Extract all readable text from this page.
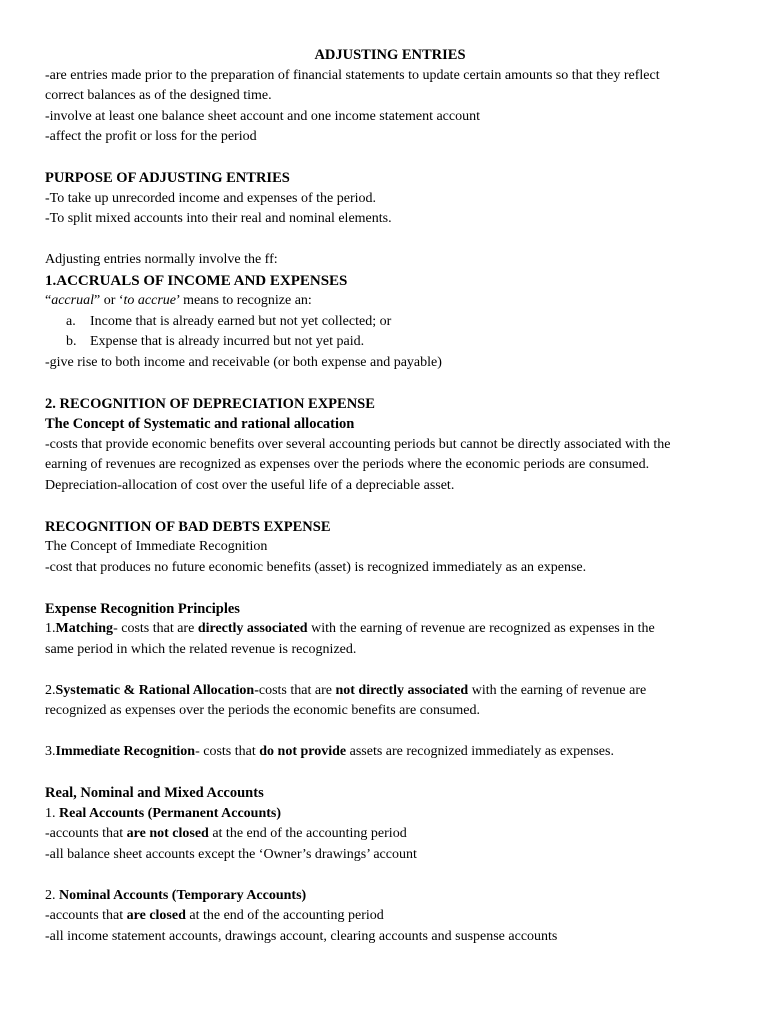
ADJUSTING ENTRIES
-are entries made prior to the preparation of financial statements to update certain amounts so that they reflect
correct balances as of the designed time.
-involve at least one balance sheet account and one income statement account
-affect the profit or loss for the period
PURPOSE OF ADJUSTING ENTRIES
-To take up unrecorded income and expenses of the period.
-To split mixed accounts into their real and nominal elements.
Adjusting entries normally involve the ff:
1.ACCRUALS OF INCOME AND EXPENSES
“accrual” or ‘to accrue’ means to recognize an:
a. Income that is already earned but not yet collected; or
b. Expense that is already incurred but not yet paid.
-give rise to both income and receivable (or both expense and payable)
2. RECOGNITION OF DEPRECIATION EXPENSE
The Concept of Systematic and rational allocation
-costs that provide economic benefits over several accounting periods but cannot be directly associated with the
earning of revenues are recognized as expenses over the periods where the economic periods are consumed.
Depreciation-allocation of cost over the useful life of a depreciable asset.
RECOGNITION OF BAD DEBTS EXPENSE
The Concept of Immediate Recognition
-cost that produces no future economic benefits (asset) is recognized immediately as an expense.
Expense Recognition Principles
1.Matching- costs that are directly associated with the earning of revenue are recognized as expenses in the
same period in which the related revenue is recognized.
2.Systematic & Rational Allocation-costs that are not directly associated with the earning of revenue are
recognized as expenses over the periods the economic benefits are consumed.
3.Immediate Recognition- costs that do not provide assets are recognized immediately as expenses.
Real, Nominal and Mixed Accounts
1. Real Accounts (Permanent Accounts)
-accounts that are not closed at the end of the accounting period
-all balance sheet accounts except the ‘Owner’s drawings’ account
2. Nominal Accounts (Temporary Accounts)
-accounts that are closed at the end of the accounting period
-all income statement accounts, drawings account, clearing accounts and suspense accounts
